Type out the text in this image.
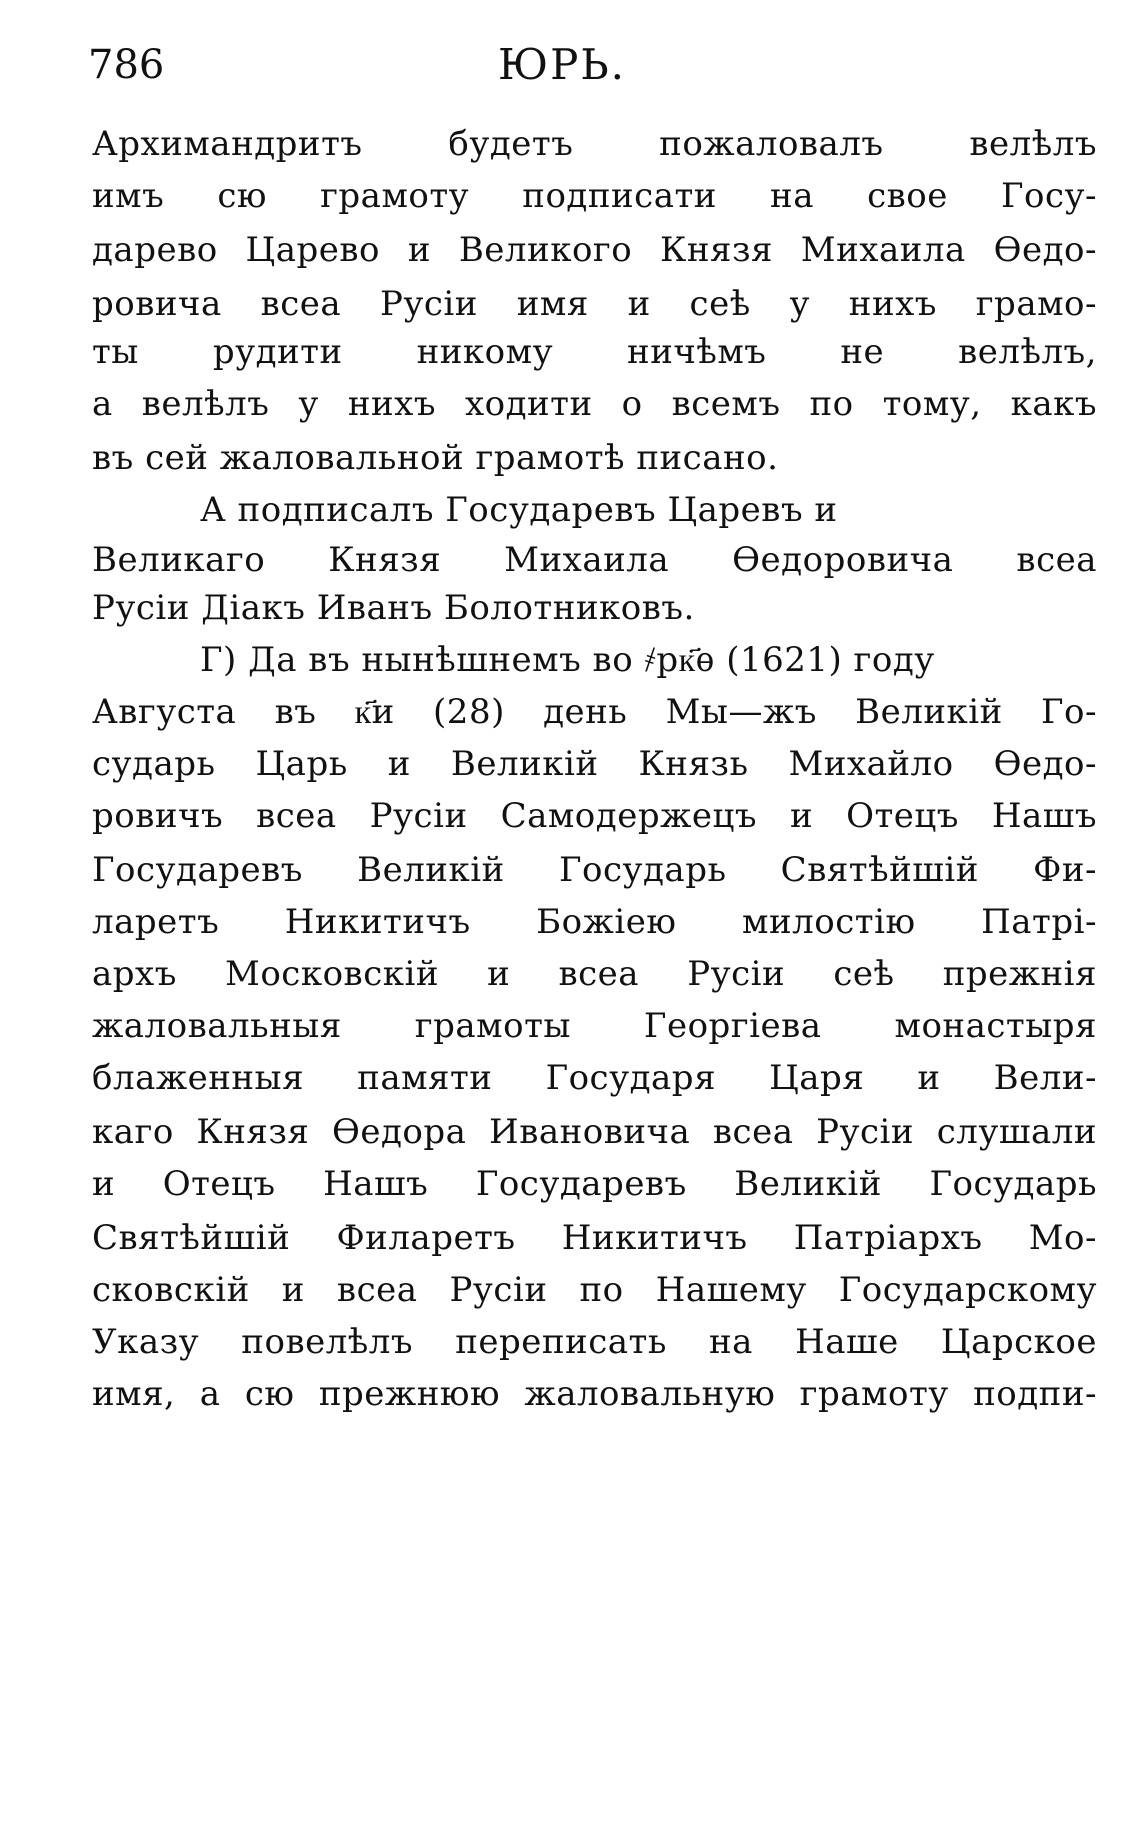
786	ЮРЬ.
Архимандритъ будетъ пожаловалъ велѣлъ
имъ сю грамоту подписати на свое Госу-
дарево Царево и Великого Князя Михаила Өедо-
ровича всеа Русіи имя и сеѣ у нихъ грамо-
ты рудити никому ничѣмъ не велѣлъ,
а велѣлъ у нихъ ходити о всемъ по тому, какъ
въ сей жаловальной грамотѣ писано.
А подписалъ Государевъ Царевъ и
Великаго Князя Михаила Өедоровича всеа
Русіи Діакъ Иванъ Болотниковъ.
Г) Да въ нынѣшнемъ во ҂рк҃ѳ (1621) году
Августа въ к҃и (28) день Мы—жъ Великій Го-
сударь Царь и Великій Князь Михайло Өедо-
ровичъ всеа Русіи Самодержецъ и Отецъ Нашъ
Государевъ Великій Государь Святѣйшій Фи-
ларетъ Никитичъ Божіею милостію Патрі-
архъ Московскій и всеа Русіи сеѣ прежнія
жаловальныя грамоты Георгіева монастыря
блаженныя памяти Государя Царя и Вели-
каго Князя Өедора Ивановича всеа Русіи слушали
и Отецъ Нашъ Государевъ Великій Государь
Святѣйшій Филаретъ Никитичъ Патріархъ Мо-
сковскій и всеа Русіи по Нашему Государскому
Указу повелѣлъ переписать на Наше Царское
имя, а сю прежнюю жаловальную грамоту подпи-
